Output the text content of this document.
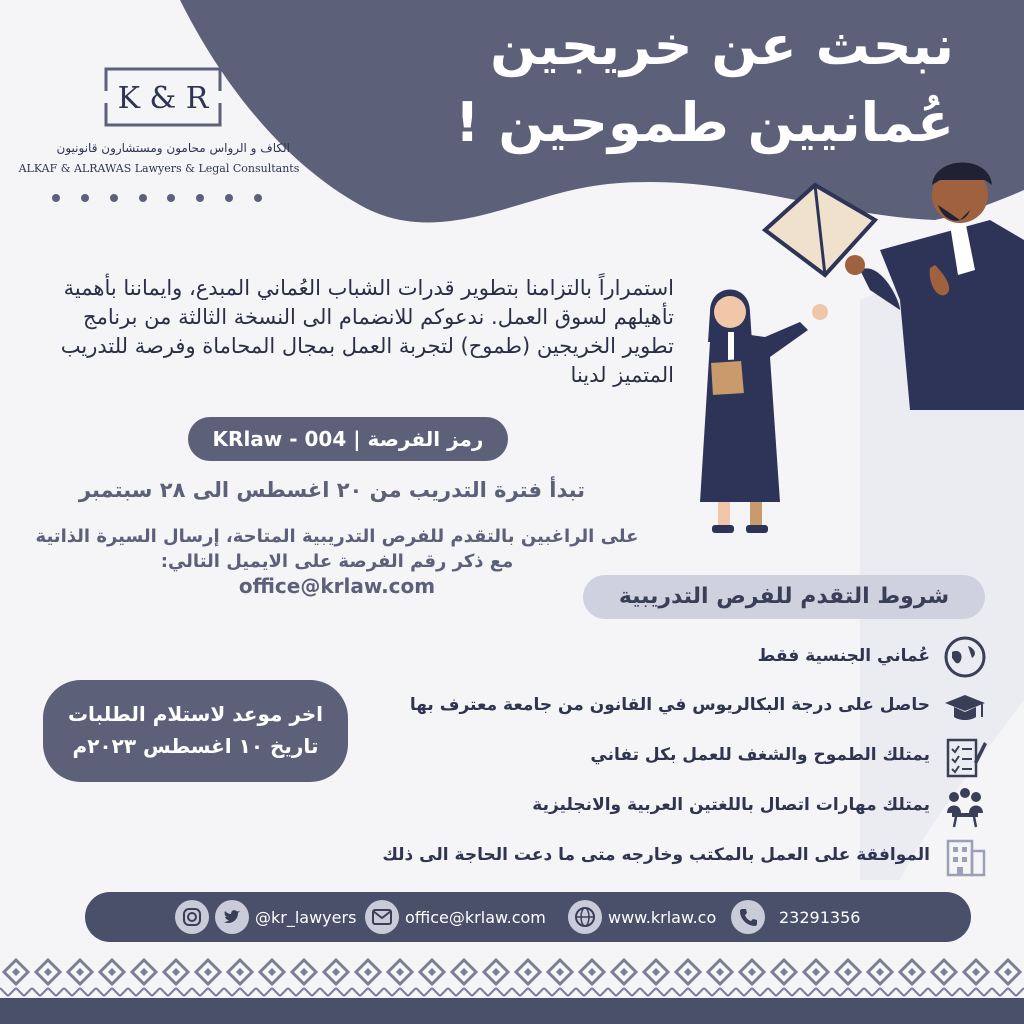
نبحث عن خريجين
عُمانيين طموحين !
K & R
الكاف و الرواس محامون ومستشارون قانونيون
ALKAF & ALRAWAS Lawyers & Legal Consultants
استمراراً بالتزامنا بتطوير قدرات الشباب العُماني المبدع، وايماننا بأهمية تأهيلهم لسوق العمل. ندعوكم للانضمام الى النسخة الثالثة من برنامج تطوير الخريجين (طموح) لتجربة العمل بمجال المحاماة وفرصة للتدريب المتميز لدينا
رمز الفرصة | KRlaw - 004
تبدأ فترة التدريب من ٢٠ اغسطس الى ٢٨ سبتمبر
على الراغبين بالتقدم للفرص التدريبية المتاحة، إرسال السيرة الذاتية
مع ذكر رقم الفرصة على الايميل التالي:
office@krlaw.com	شروط التقدم للفرص التدريبية
عُماني الجنسية فقط
حاصل على درجة البكالريوس في القانون من جامعة معترف بها
يمتلك الطموح والشغف للعمل بكل تفاني
يمتلك مهارات اتصال باللغتين العربية والانجليزية
الموافقة على العمل بالمكتب وخارجه متى ما دعت الحاجة الى ذلك
اخر موعد لاستلام الطلبات
تاريخ ١٠ اغسطس ٢٠٢٣م
@kr_lawyers	office@krlaw.com	www.krlaw.co	23291356
